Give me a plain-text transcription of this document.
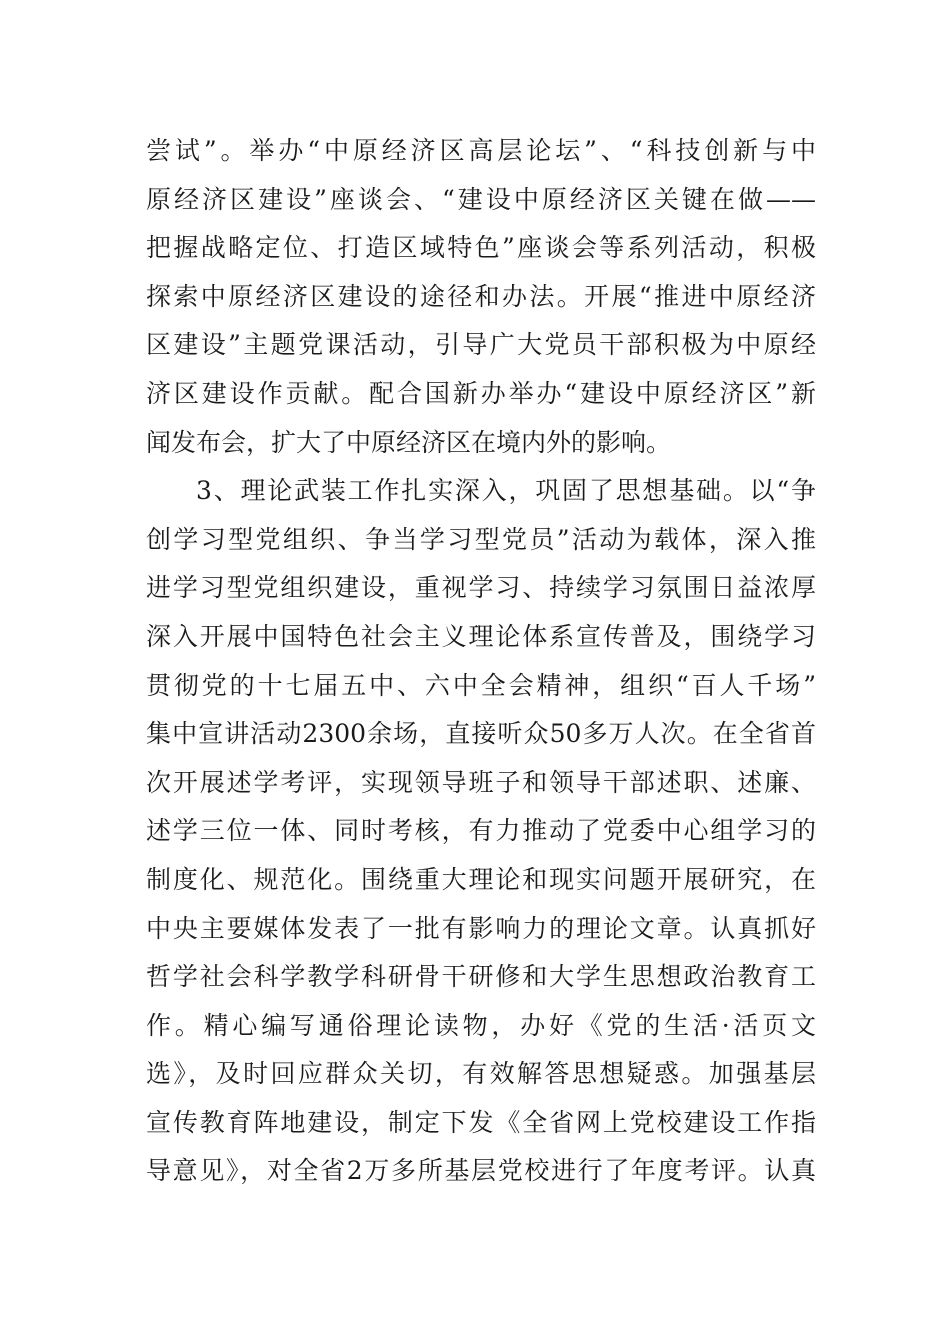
尝试”。举办“中原经济区高层论坛”、“科技创新与中
原经济区建设”座谈会、“建设中原经济区关键在做——
把握战略定位、打造区域特色”座谈会等系列活动，积极
探索中原经济区建设的途径和办法。开展“推进中原经济
区建设”主题党课活动，引导广大党员干部积极为中原经
济区建设作贡献。配合国新办举办“建设中原经济区”新
闻发布会，扩大了中原经济区在境内外的影响。
3、理论武装工作扎实深入，巩固了思想基础。以“争
创学习型党组织、争当学习型党员”活动为载体，深入推
进学习型党组织建设，重视学习、持续学习氛围日益浓厚
深入开展中国特色社会主义理论体系宣传普及，围绕学习
贯彻党的十七届五中、六中全会精神，组织“百人千场”
集中宣讲活动2300余场，直接听众50多万人次。在全省首
次开展述学考评，实现领导班子和领导干部述职、述廉、
述学三位一体、同时考核，有力推动了党委中心组学习的
制度化、规范化。围绕重大理论和现实问题开展研究，在
中央主要媒体发表了一批有影响力的理论文章。认真抓好
哲学社会科学教学科研骨干研修和大学生思想政治教育工
作。精心编写通俗理论读物，办好《党的生活·活页文
选》，及时回应群众关切，有效解答思想疑惑。加强基层
宣传教育阵地建设，制定下发《全省网上党校建设工作指
导意见》，对全省2万多所基层党校进行了年度考评。认真
